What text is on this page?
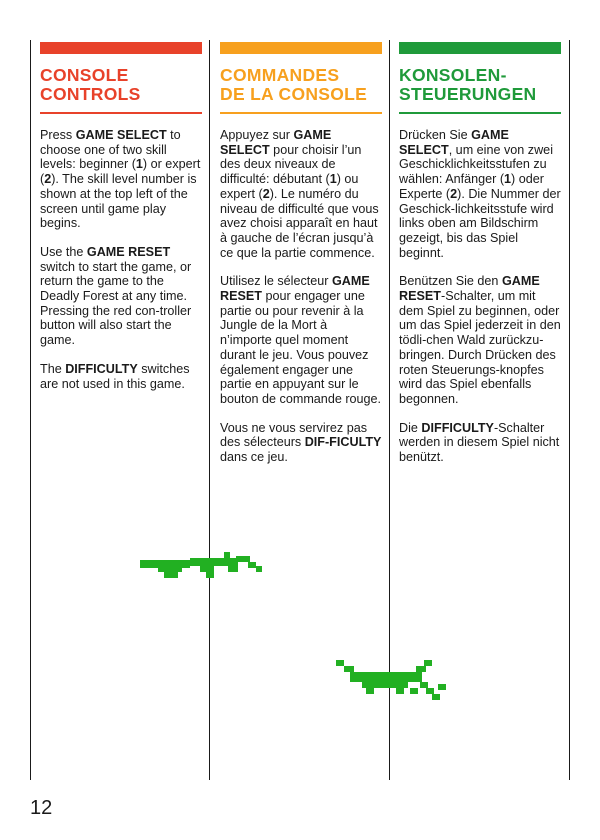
CONSOLE
CONTROLS

Press GAME SELECT to choose one of two skill levels: beginner (1) or expert (2). The skill level number is shown at the top left of the screen until game play begins.

Use the GAME RESET switch to start the game, or return the game to the Deadly Forest at any time. Pressing the red con-troller button will also start the game.

The DIFFICULTY switches are not used in this game.

COMMANDES
DE LA CONSOLE

Appuyez sur GAME SELECT pour choisir l’un des deux niveaux de difficulté: débutant (1) ou expert (2). Le numéro du niveau de difficulté que vous avez choisi apparaît en haut à gauche de l’écran jusqu’à ce que la partie commence.

Utilisez le sélecteur GAME RESET pour engager une partie ou pour revenir à la Jungle de la Mort à n’importe quel moment durant le jeu. Vous pouvez également engager une partie en appuyant sur le bouton de commande rouge.

Vous ne vous servirez pas des sélecteurs DIF-FICULTY dans ce jeu.

KONSOLEN-
STEUERUNGEN

Drücken Sie GAME SELECT, um eine von zwei Geschicklichkeitsstufen zu wählen: Anfänger (1) oder Experte (2). Die Nummer der Geschick-lichkeitsstufe wird links oben am Bildschirm gezeigt, bis das Spiel beginnt.

Benützen Sie den GAME RESET-Schalter, um mit dem Spiel zu beginnen, oder um das Spiel jederzeit in den tödli-chen Wald zurückzu-bringen. Durch Drücken des roten Steuerungs-knopfes wird das Spiel ebenfalls begonnen.

Die DIFFICULTY-Schalter werden in diesem Spiel nicht benützt.

12
